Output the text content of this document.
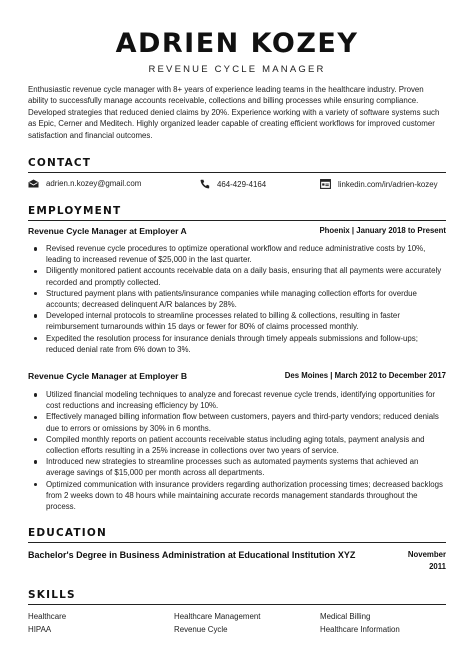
ADRIEN KOZEY
REVENUE CYCLE MANAGER
Enthusiastic revenue cycle manager with 8+ years of experience leading teams in the healthcare industry. Proven ability to successfully manage accounts receivable, collections and billing processes while ensuring compliance. Developed strategies that reduced denied claims by 20%. Experience working with a variety of software systems such as Epic, Cerner and Meditech. Highly organized leader capable of creating efficient workflows for improved customer satisfaction and financial outcomes.
CONTACT
adrien.n.kozey@gmail.com	464-429-4164	linkedin.com/in/adrien-kozey
EMPLOYMENT
Revenue Cycle Manager at Employer A	Phoenix | January 2018 to Present
Revised revenue cycle procedures to optimize operational workflow and reduce administrative costs by 10%, leading to increased revenue of $25,000 in the last quarter.
Diligently monitored patient accounts receivable data on a daily basis, ensuring that all payments were accurately recorded and promptly collected.
Structured payment plans with patients/insurance companies while managing collection efforts for overdue accounts; decreased delinquent A/R balances by 28%.
Developed internal protocols to streamline processes related to billing & collections, resulting in faster reimbursement turnarounds within 15 days or fewer for 80% of claims processed monthly.
Expedited the resolution process for insurance denials through timely appeals submissions and follow-ups; reduced denial rate from 6% down to 3%.
Revenue Cycle Manager at Employer B	Des Moines | March 2012 to December 2017
Utilized financial modeling techniques to analyze and forecast revenue cycle trends, identifying opportunities for cost reductions and increasing efficiency by 10%.
Effectively managed billing information flow between customers, payers and third-party vendors; reduced denials due to errors or omissions by 30% in 6 months.
Compiled monthly reports on patient accounts receivable status including aging totals, payment analysis and collection efforts resulting in a 25% increase in collections over two years of service.
Introduced new strategies to streamline processes such as automated payments systems that achieved an average savings of $15,000 per month across all departments.
Optimized communication with insurance providers regarding authorization processing times; decreased backlogs from 2 weeks down to 48 hours while maintaining accurate records management standards throughout the process.
EDUCATION
Bachelor's Degree in Business Administration at Educational Institution XYZ	November
2011
SKILLS
Healthcare	Healthcare Management	Medical Billing
HIPAA	Revenue Cycle	Healthcare Information
